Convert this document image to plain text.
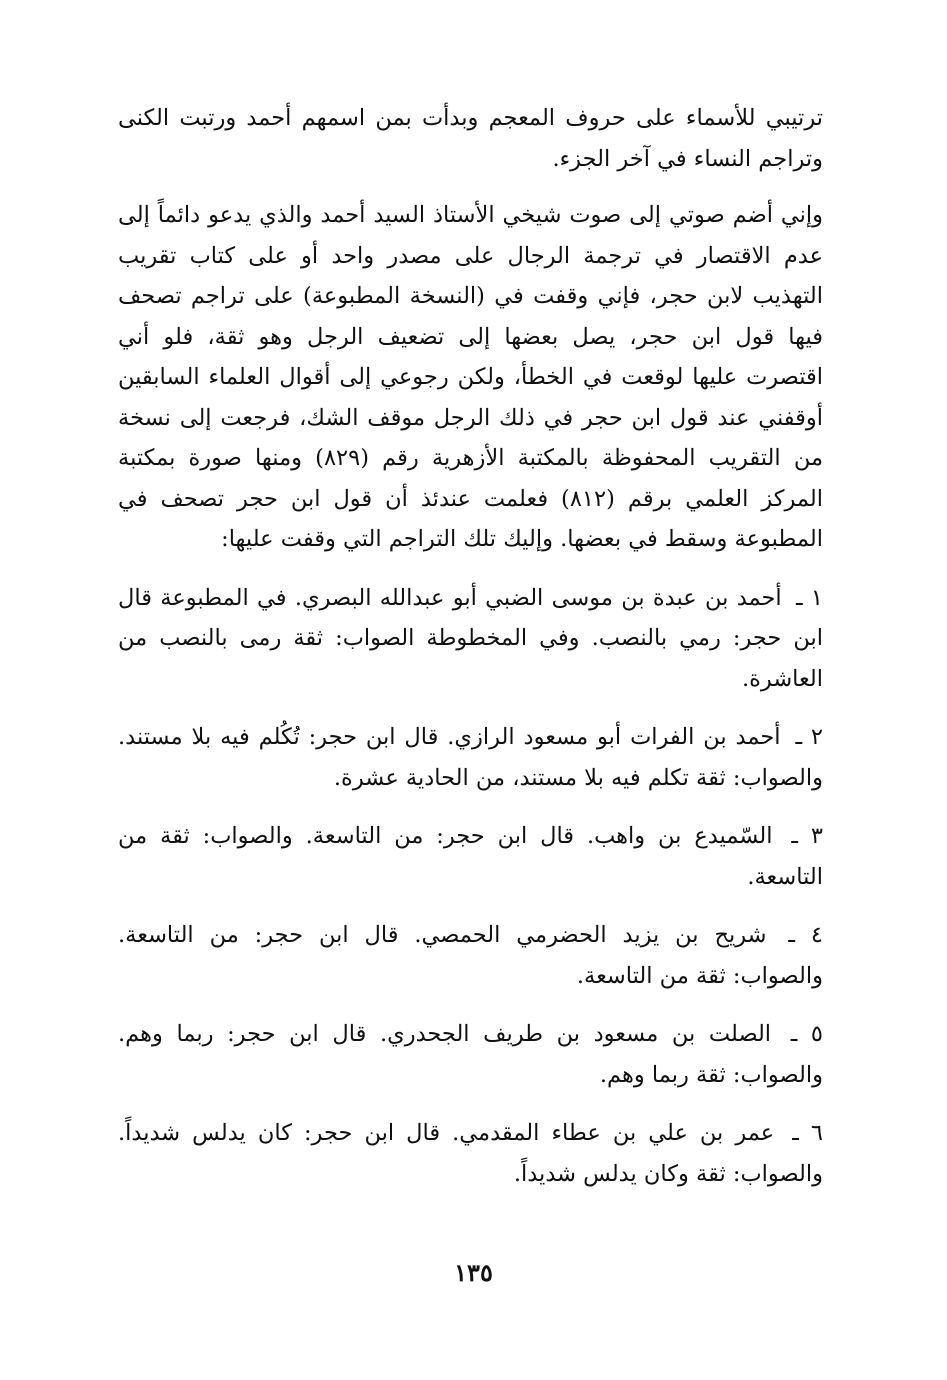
ترتيبي للأسماء على حروف المعجم وبدأت بمن اسمهم أحمد ورتبت الكنى وتراجم النساء في آخر الجزء.

وإني أضم صوتي إلى صوت شيخي الأستاذ السيد أحمد والذي يدعو دائماً إلى عدم الاقتصار في ترجمة الرجال على مصدر واحد أو على كتاب تقريب التهذيب لابن حجر، فإني وقفت في (النسخة المطبوعة) على تراجم تصحف فيها قول ابن حجر، يصل بعضها إلى تضعيف الرجل وهو ثقة، فلو أني اقتصرت عليها لوقعت في الخطأ، ولكن رجوعي إلى أقوال العلماء السابقين أوقفني عند قول ابن حجر في ذلك الرجل موقف الشك، فرجعت إلى نسخة من التقريب المحفوظة بالمكتبة الأزهرية رقم (٨٢٩) ومنها صورة بمكتبة المركز العلمي برقم (٨١٢) فعلمت عندئذ أن قول ابن حجر تصحف في المطبوعة وسقط في بعضها. وإليك تلك التراجم التي وقفت عليها:

١ ـ أحمد بن عبدة بن موسى الضبي أبو عبدالله البصري. في المطبوعة قال ابن حجر: رمي بالنصب. وفي المخطوطة الصواب: ثقة رمى بالنصب من العاشرة.

٢ ـ أحمد بن الفرات أبو مسعود الرازي. قال ابن حجر: تُكُلم فيه بلا مستند. والصواب: ثقة تكلم فيه بلا مستند، من الحادية عشرة.

٣ ـ السّميدع بن واهب. قال ابن حجر: من التاسعة. والصواب: ثقة من التاسعة.

٤ ـ شريح بن يزيد الحضرمي الحمصي. قال ابن حجر: من التاسعة. والصواب: ثقة من التاسعة.

٥ ـ الصلت بن مسعود بن طريف الجحدري. قال ابن حجر: ربما وهم. والصواب: ثقة ربما وهم.

٦ ـ عمر بن علي بن عطاء المقدمي. قال ابن حجر: كان يدلس شديداً. والصواب: ثقة وكان يدلس شديداً.

١٣٥
